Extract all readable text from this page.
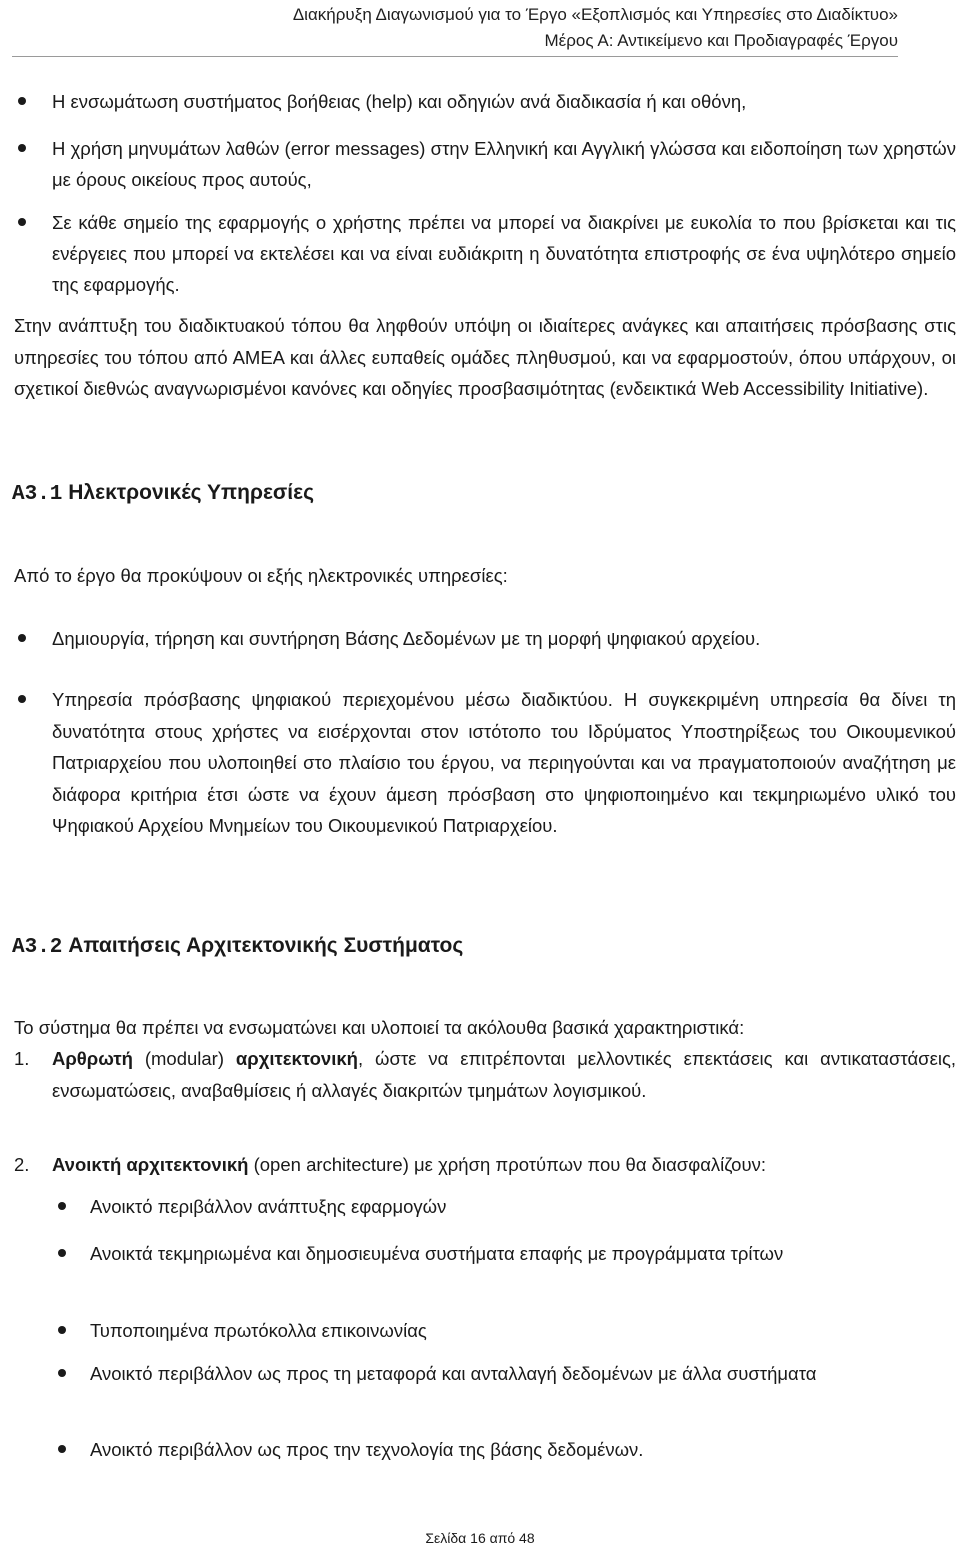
Διακήρυξη Διαγωνισμού για το Έργο «Εξοπλισμός και Υπηρεσίες στο Διαδίκτυο»
Μέρος Α: Αντικείμενο και Προδιαγραφές Έργου
Η ενσωμάτωση συστήματος βοήθειας (help) και οδηγιών ανά διαδικασία ή και οθόνη,
Η χρήση μηνυμάτων λαθών (error messages) στην Ελληνική και Αγγλική γλώσσα και ειδοποίηση των χρηστών με όρους οικείους προς αυτούς,
Σε κάθε σημείο της εφαρμογής ο χρήστης πρέπει να μπορεί να διακρίνει με ευκολία το που βρίσκεται και τις ενέργειες που μπορεί να εκτελέσει και να είναι ευδιάκριτη η δυνατότητα επιστροφής σε ένα υψηλότερο σημείο της εφαρμογής.
Στην ανάπτυξη του διαδικτυακού τόπου θα ληφθούν υπόψη οι ιδιαίτερες ανάγκες και απαιτήσεις πρόσβασης στις υπηρεσίες του τόπου από ΑΜΕΑ και άλλες ευπαθείς ομάδες πληθυσμού, και να εφαρμοστούν, όπου υπάρχουν, οι σχετικοί διεθνώς αναγνωρισμένοι κανόνες και οδηγίες προσβασιμότητας (ενδεικτικά Web Accessibility Initiative).
A3.1 Ηλεκτρονικές Υπηρεσίες
Από το έργο θα προκύψουν οι εξής ηλεκτρονικές υπηρεσίες:
Δημιουργία, τήρηση και συντήρηση Βάσης Δεδομένων με τη μορφή ψηφιακού αρχείου.
Υπηρεσία πρόσβασης ψηφιακού περιεχομένου μέσω διαδικτύου. Η συγκεκριμένη υπηρεσία θα δίνει τη δυνατότητα στους χρήστες να εισέρχονται στον ιστότοπο του Ιδρύματος Υποστηρίξεως του Οικουμενικού Πατριαρχείου που υλοποιηθεί στο πλαίσιο του έργου, να περιηγούνται και να πραγματοποιούν αναζήτηση με διάφορα κριτήρια έτσι ώστε να έχουν άμεση πρόσβαση στο ψηφιοποιημένο και τεκμηριωμένο υλικό του Ψηφιακού Αρχείου Μνημείων του Οικουμενικού Πατριαρχείου.
A3.2 Απαιτήσεις Αρχιτεκτονικής Συστήματος
Το σύστημα θα πρέπει να ενσωματώνει και υλοποιεί τα ακόλουθα βασικά χαρακτηριστικά:
1. Αρθρωτή (modular) αρχιτεκτονική, ώστε να επιτρέπονται μελλοντικές επεκτάσεις και αντικαταστάσεις, ενσωματώσεις, αναβαθμίσεις ή αλλαγές διακριτών τμημάτων λογισμικού.
2. Ανοικτή αρχιτεκτονική (open architecture) με χρήση προτύπων που θα διασφαλίζουν:
Ανοικτό περιβάλλον ανάπτυξης εφαρμογών
Ανοικτά τεκμηριωμένα και δημοσιευμένα συστήματα επαφής με προγράμματα τρίτων
Τυποποιημένα πρωτόκολλα επικοινωνίας
Ανοικτό περιβάλλον ως προς τη μεταφορά και ανταλλαγή δεδομένων με άλλα συστήματα
Ανοικτό περιβάλλον ως προς την τεχνολογία της βάσης δεδομένων.
Σελίδα 16 από 48
